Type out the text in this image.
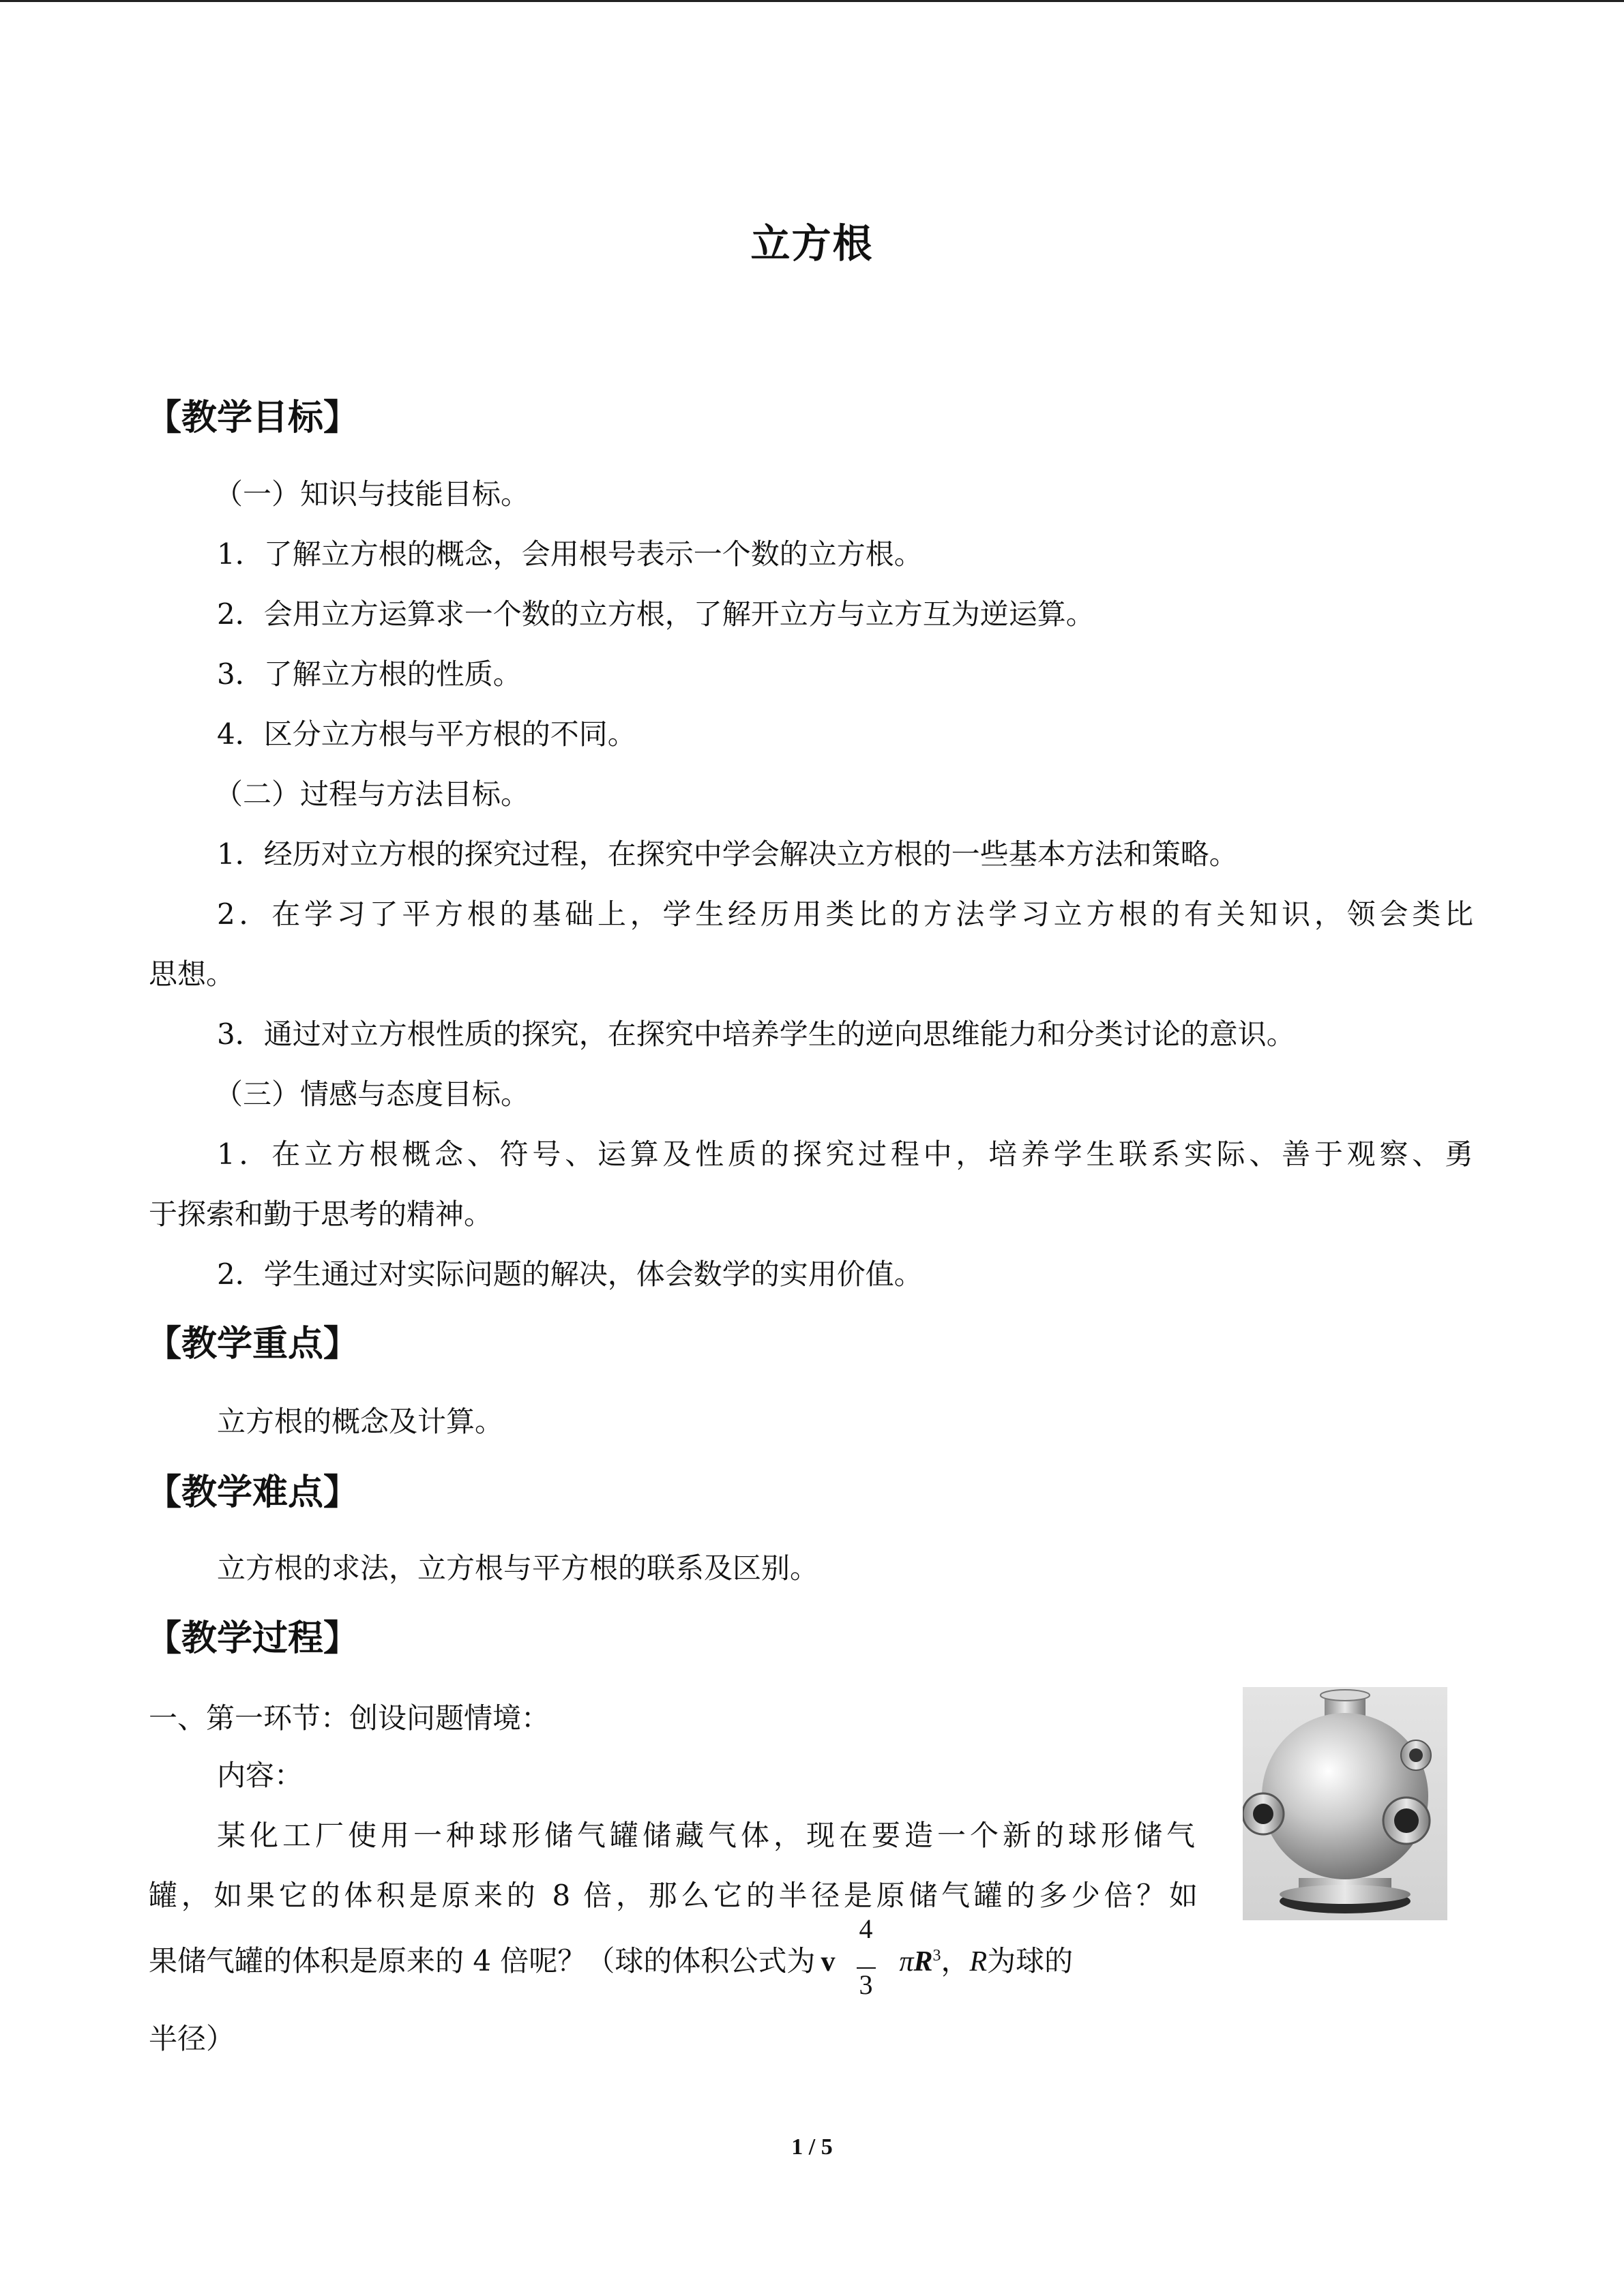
立方根
【教学目标】
（一）知识与技能目标。
1．了解立方根的概念，会用根号表示一个数的立方根。
2．会用立方运算求一个数的立方根，了解开立方与立方互为逆运算。
3．了解立方根的性质。
4．区分立方根与平方根的不同。
（二）过程与方法目标。
1．经历对立方根的探究过程，在探究中学会解决立方根的一些基本方法和策略。
2．在学习了平方根的基础上，学生经历用类比的方法学习立方根的有关知识，领会类比
思想。
3．通过对立方根性质的探究，在探究中培养学生的逆向思维能力和分类讨论的意识。
（三）情感与态度目标。
1．在立方根概念、符号、运算及性质的探究过程中，培养学生联系实际、善于观察、勇
于探索和勤于思考的精神。
2．学生通过对实际问题的解决，体会数学的实用价值。
【教学重点】
立方根的概念及计算。
【教学难点】
立方根的求法，立方根与平方根的联系及区别。
【教学过程】
一、第一环节：创设问题情境：
内容：
某化工厂使用一种球形储气罐储藏气体，现在要造一个新的球形储气
罐，如果它的体积是原来的 8 倍，那么它的半径是原储气罐的多少倍？如
果储气罐的体积是原来的 4 倍呢？（球的体积公式为 v $\frac{4}{3} \pi R^3$，R为球的
半径）
1 / 5
